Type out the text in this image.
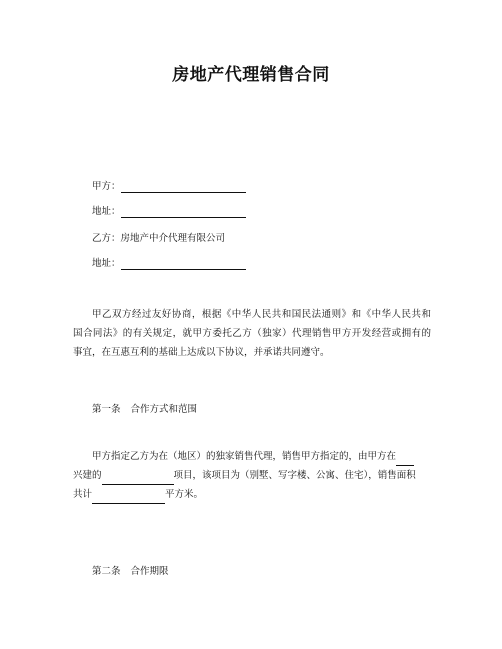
房地产代理销售合同
甲方：
地址：
乙方：房地产中介代理有限公司
地址：
甲乙双方经过友好协商，根据《中华人民共和国民法通则》和《中华人民共和
国合同法》的有关规定，就甲方委托乙方（独家）代理销售甲方开发经营或拥有的
事宜，在互惠互利的基础上达成以下协议，并承诺共同遵守。
第一条 合作方式和范围
甲方指定乙方为在（地区）的独家销售代理，销售甲方指定的，由甲方在
兴建的	项目，该项目为（别墅、写字楼、公寓、住宅），销售面积
共计	平方米。
第二条 合作期限
